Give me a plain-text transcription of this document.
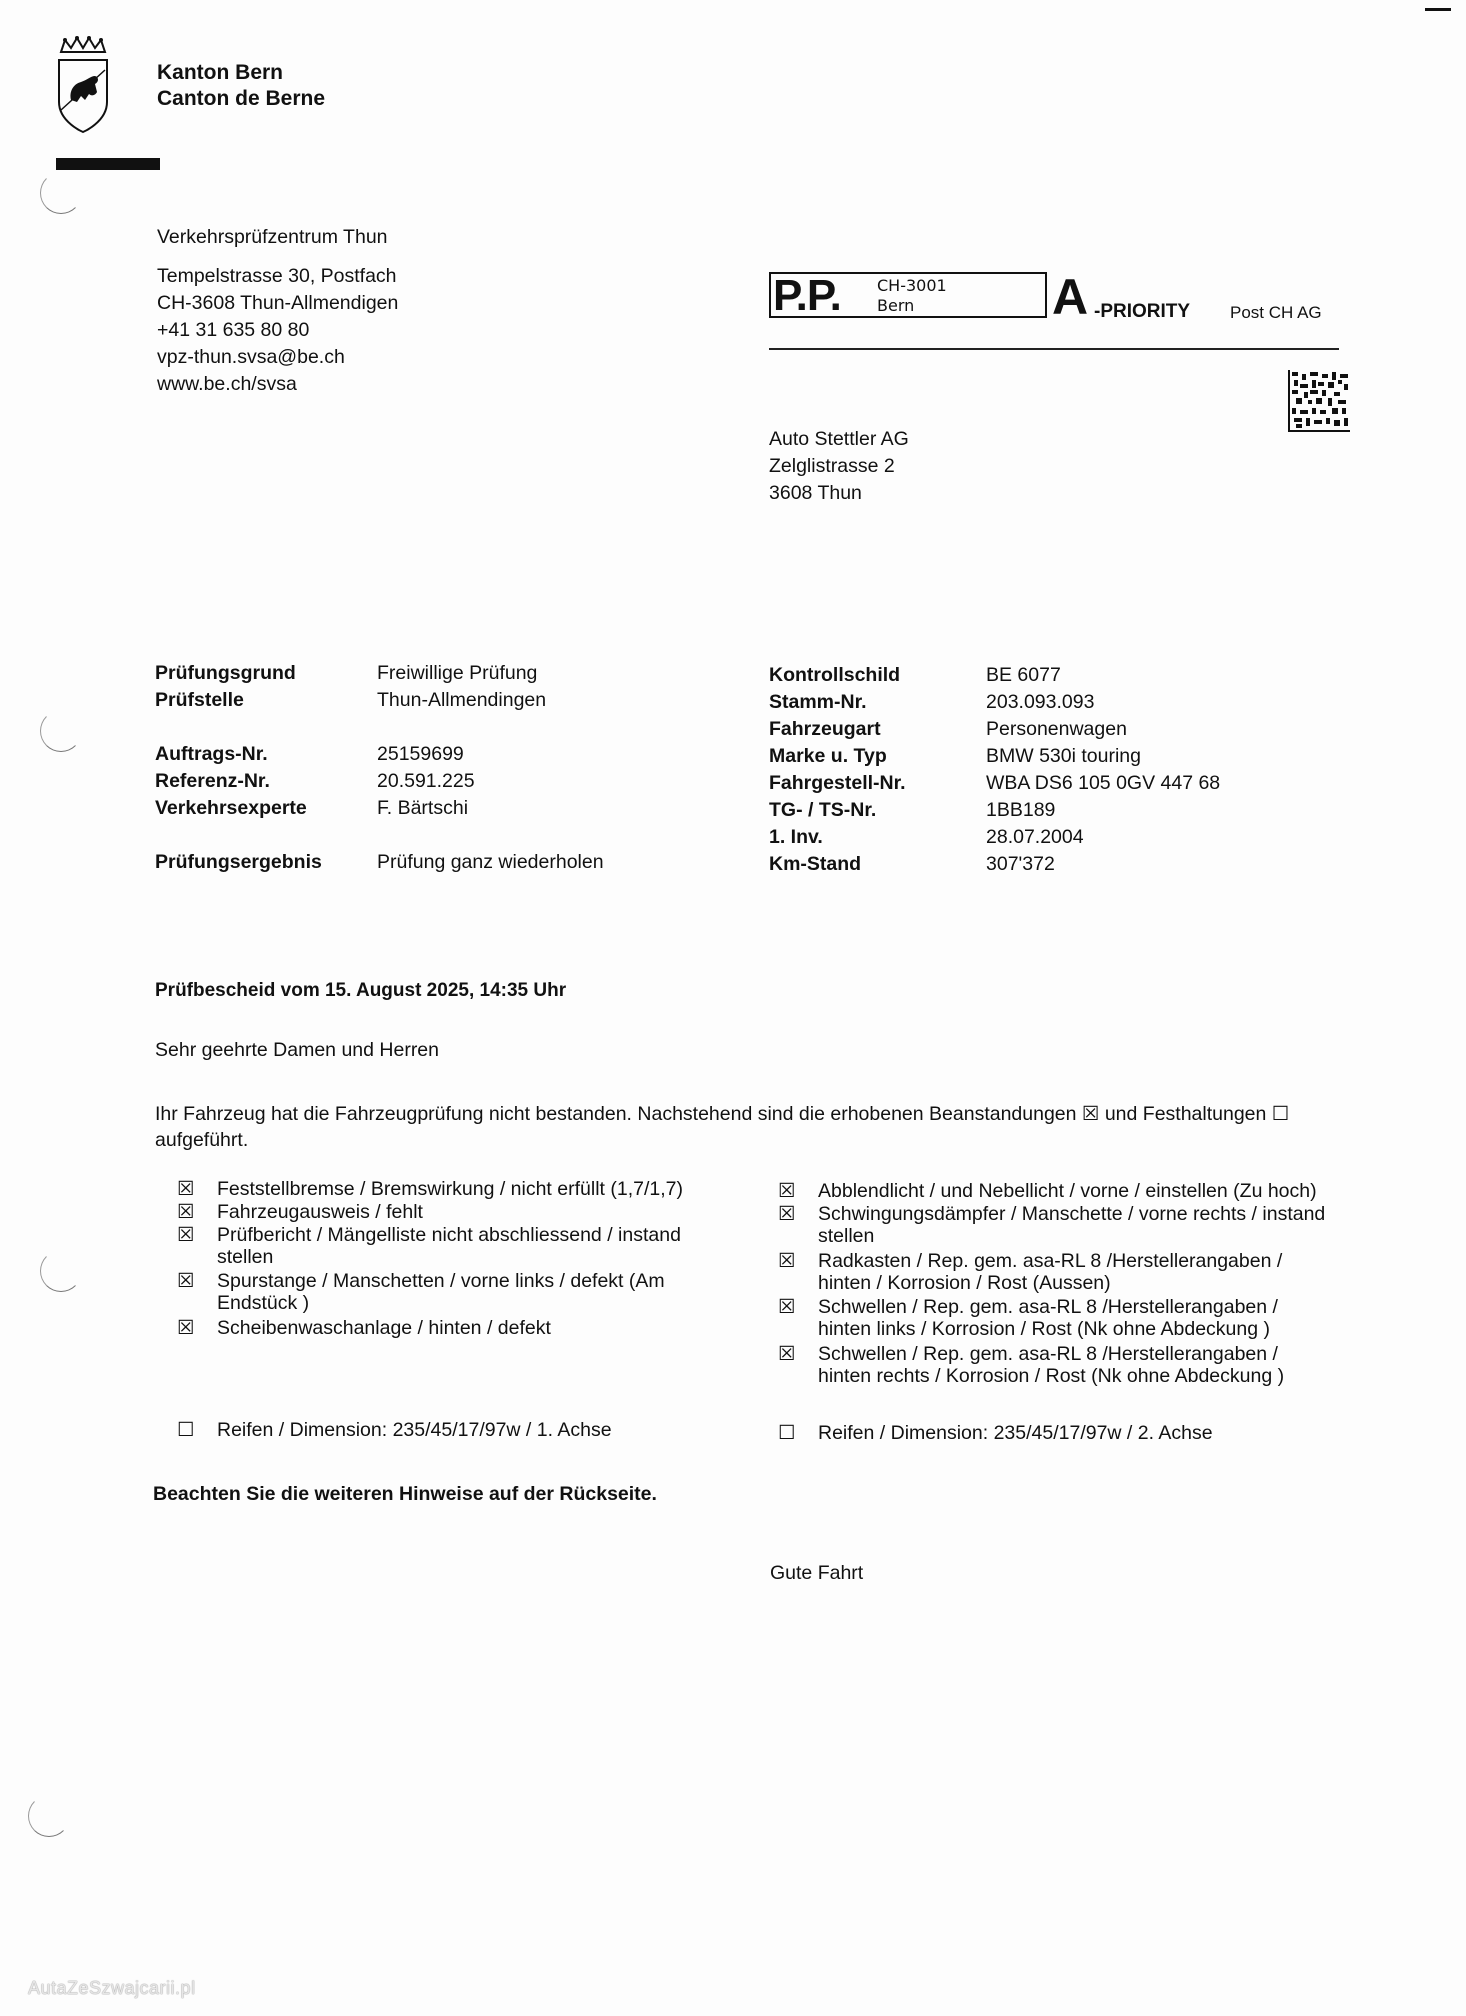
Kanton Bern
Canton de Berne
Verkehrsprüfzentrum Thun
Tempelstrasse 30, Postfach
CH-3608 Thun-Allmendigen
+41 31 635 80 80
vpz-thun.svsa@be.ch
www.be.ch/svsa
P.P. CH-3001
Bern	A -PRIORITY Post CH AG
Auto Stettler AG
Zelglistrasse 2
3608 Thun
Prüfungsgrund	Freiwillige Prüfung
Prüfstelle	Thun-Allmendingen
Auftrags-Nr.	25159699
Referenz-Nr.	20.591.225
Verkehrsexperte	F. Bärtschi
Prüfungsergebnis	Prüfung ganz wiederholen
Kontrollschild	BE 6077
Stamm-Nr.	203.093.093
Fahrzeugart	Personenwagen
Marke u. Typ	BMW 530i touring
Fahrgestell-Nr.	WBA DS6 105 0GV 447 68
TG- / TS-Nr.	1BB189
1. Inv.	28.07.2004
Km-Stand	307'372
Prüfbescheid vom 15. August 2025, 14:35 Uhr
Sehr geehrte Damen und Herren
Ihr Fahrzeug hat die Fahrzeugprüfung nicht bestanden. Nachstehend sind die erhobenen Beanstandungen ☒ und Festhaltungen ☐ aufgeführt.
☒ Feststellbremse / Bremswirkung / nicht erfüllt (1,7/1,7)
☒ Fahrzeugausweis / fehlt
☒ Prüfbericht / Mängelliste nicht abschliessend / instand
stellen
☒ Spurstange / Manschetten / vorne links / defekt (Am
Endstück )
☒ Scheibenwaschanlage / hinten / defekt
☒ Abblendlicht / und Nebellicht / vorne / einstellen (Zu hoch)
☒ Schwingungsdämpfer / Manschette / vorne rechts / instand
stellen
☒ Radkasten / Rep. gem. asa-RL 8 /Herstellerangaben /
hinten / Korrosion / Rost (Aussen)
☒ Schwellen / Rep. gem. asa-RL 8 /Herstellerangaben /
hinten links / Korrosion / Rost (Nk ohne Abdeckung )
☒ Schwellen / Rep. gem. asa-RL 8 /Herstellerangaben /
hinten rechts / Korrosion / Rost (Nk ohne Abdeckung )
☐ Reifen / Dimension: 235/45/17/97w / 1. Achse	☐ Reifen / Dimension: 235/45/17/97w / 2. Achse
Beachten Sie die weiteren Hinweise auf der Rückseite.
Gute Fahrt
AutaZeSzwajcarii.pl
